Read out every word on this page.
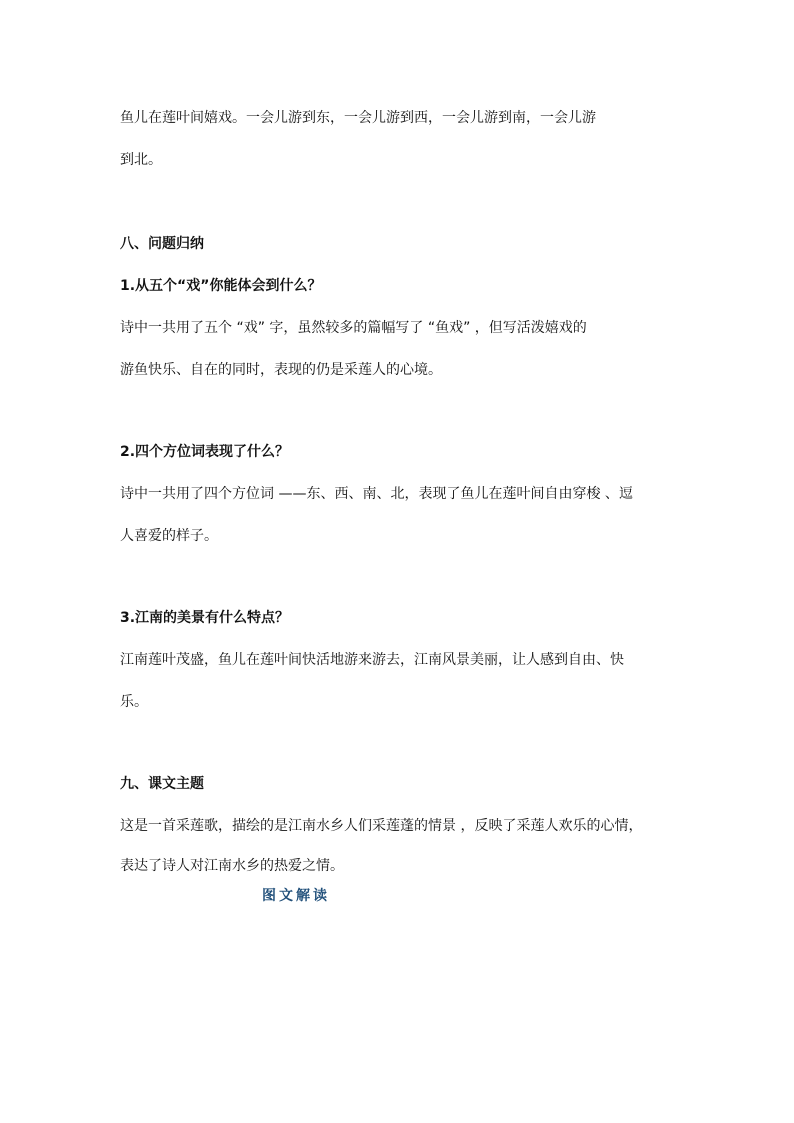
鱼儿在莲叶间嬉戏。一会儿游到东，一会儿游到西，一会儿游到南，一会儿游
到北。
八、问题归纳
1.从五个“戏”你能体会到什么？
诗中一共用了五个 “戏” 字，虽然较多的篇幅写了 “鱼戏” ，但写活泼嬉戏的
游鱼快乐、自在的同时，表现的仍是采莲人的心境。
2.四个方位词表现了什么？
诗中一共用了四个方位词 ——东、西、南、北，表现了鱼儿在莲叶间自由穿梭 、逗
人喜爱的样子。
3.江南的美景有什么特点？
江南莲叶茂盛，鱼儿在莲叶间快活地游来游去，江南风景美丽，让人感到自由、快
乐。
九、课文主题
这是一首采莲歌，描绘的是江南水乡人们采莲蓬的情景 ，反映了采莲人欢乐的心情，
表达了诗人对江南水乡的热爱之情。
图文解读
